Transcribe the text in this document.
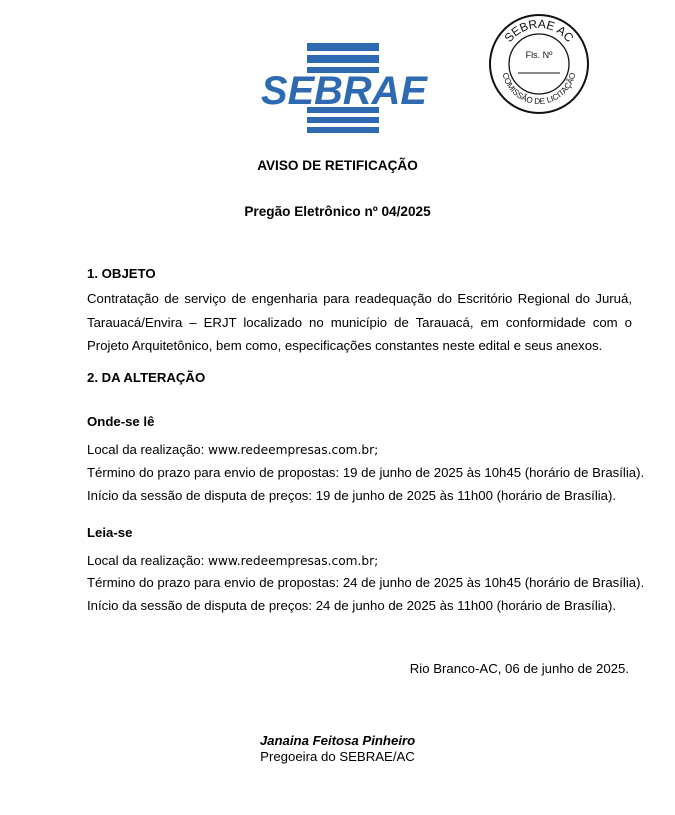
SEBRAE
SEBRAE AC
COMISSÃO DE LICITAÇÃO
Fls. Nº
AVISO DE RETIFICAÇÃO
Pregão Eletrônico nº 04/2025
1. OBJETO
Contratação de serviço de engenharia para readequação do Escritório Regional do Juruá, Tarauacá/Envira – ERJT localizado no município de Tarauacá, em conformidade com o Projeto Arquitetônico, bem como, especificações constantes neste edital e seus anexos.
2. DA ALTERAÇÃO
Onde-se lê
Local da realização: www.redeempresas.com.br;
Término do prazo para envio de propostas: 19 de junho de 2025 às 10h45 (horário de Brasília).
Início da sessão de disputa de preços: 19 de junho de 2025 às 11h00 (horário de Brasília).
Leia-se
Local da realização: www.redeempresas.com.br;
Término do prazo para envio de propostas: 24 de junho de 2025 às 10h45 (horário de Brasília).
Início da sessão de disputa de preços: 24 de junho de 2025 às 11h00 (horário de Brasília).
Rio Branco-AC, 06 de junho de 2025.
Janaina Feitosa Pinheiro
Pregoeira do SEBRAE/AC
